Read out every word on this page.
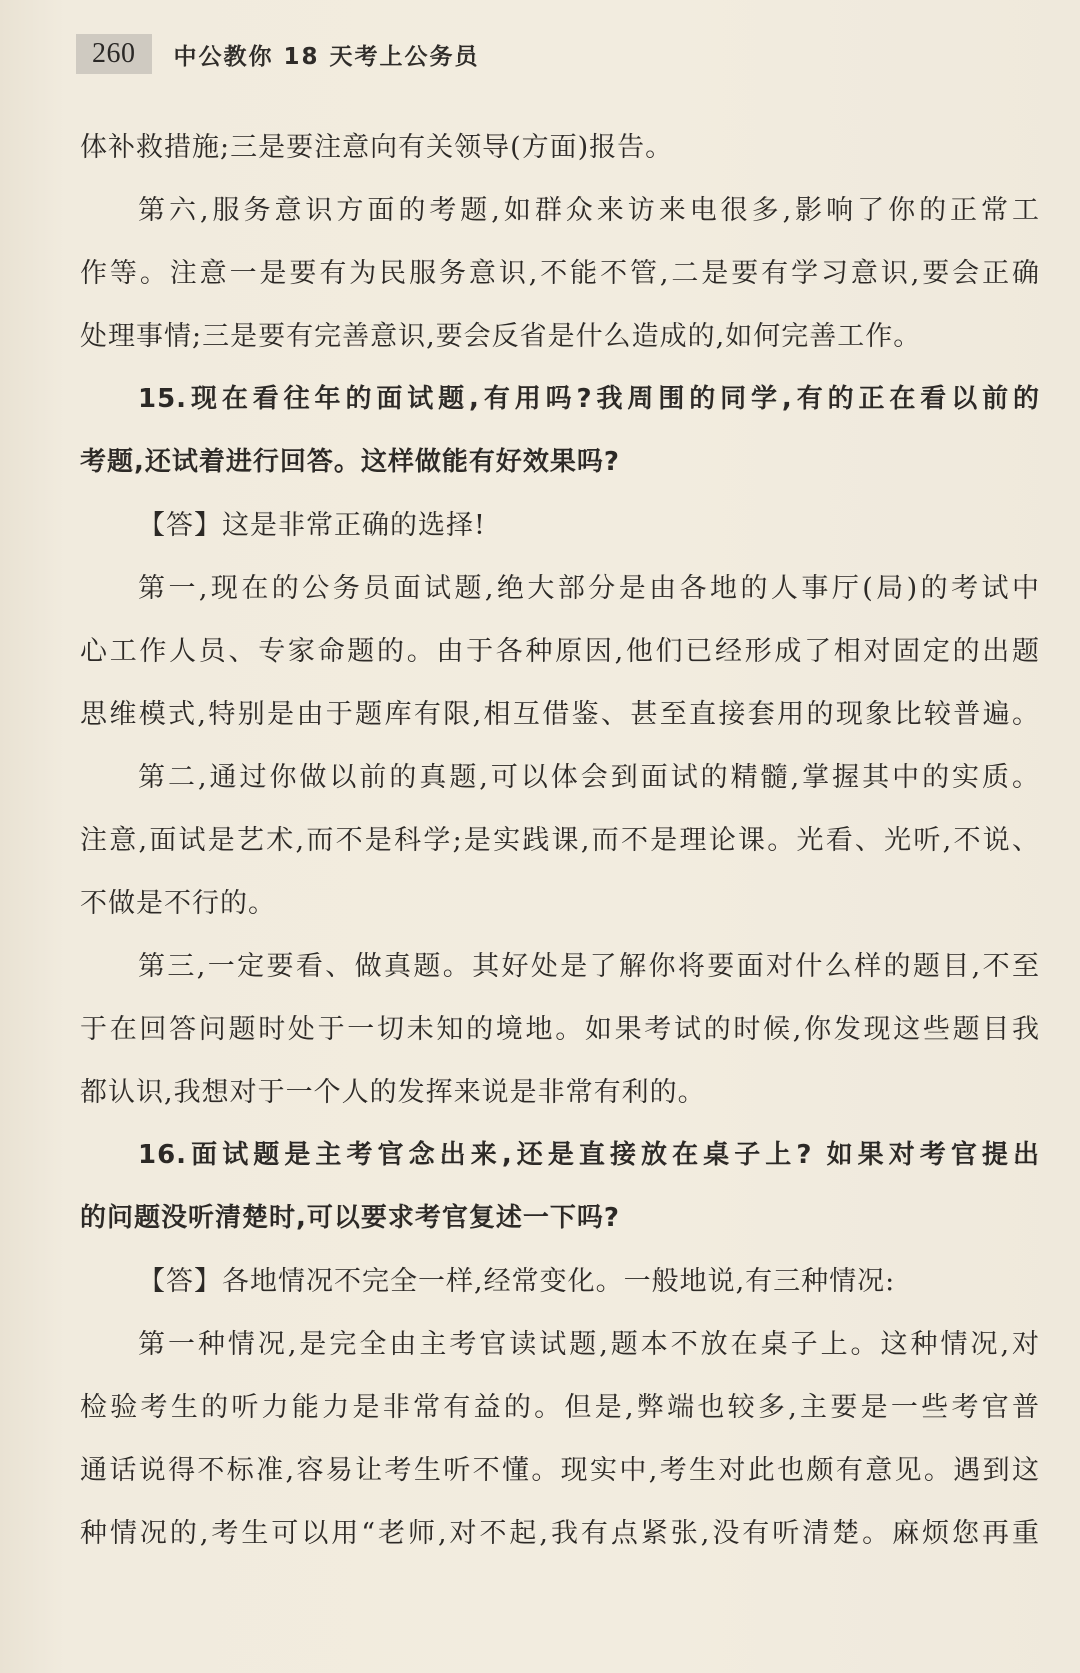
260	中公教你 18 天考上公务员
体补救措施;三是要注意向有关领导(方面)报告。
第六,服务意识方面的考题,如群众来访来电很多,影响了你的正常工
作等。注意一是要有为民服务意识,不能不管,二是要有学习意识,要会正确
处理事情;三是要有完善意识,要会反省是什么造成的,如何完善工作。
15.现在看往年的面试题,有用吗?我周围的同学,有的正在看以前的
考题,还试着进行回答。这样做能有好效果吗?
【答】这是非常正确的选择!
第一,现在的公务员面试题,绝大部分是由各地的人事厅(局)的考试中
心工作人员、专家命题的。由于各种原因,他们已经形成了相对固定的出题
思维模式,特别是由于题库有限,相互借鉴、甚至直接套用的现象比较普遍。
第二,通过你做以前的真题,可以体会到面试的精髓,掌握其中的实质。
注意,面试是艺术,而不是科学;是实践课,而不是理论课。光看、光听,不说、
不做是不行的。
第三,一定要看、做真题。其好处是了解你将要面对什么样的题目,不至
于在回答问题时处于一切未知的境地。如果考试的时候,你发现这些题目我
都认识,我想对于一个人的发挥来说是非常有利的。
16.面试题是主考官念出来,还是直接放在桌子上? 如果对考官提出
的问题没听清楚时,可以要求考官复述一下吗?
【答】各地情况不完全一样,经常变化。一般地说,有三种情况:
第一种情况,是完全由主考官读试题,题本不放在桌子上。这种情况,对
检验考生的听力能力是非常有益的。但是,弊端也较多,主要是一些考官普
通话说得不标准,容易让考生听不懂。现实中,考生对此也颇有意见。遇到这
种情况的,考生可以用“老师,对不起,我有点紧张,没有听清楚。麻烦您再重
